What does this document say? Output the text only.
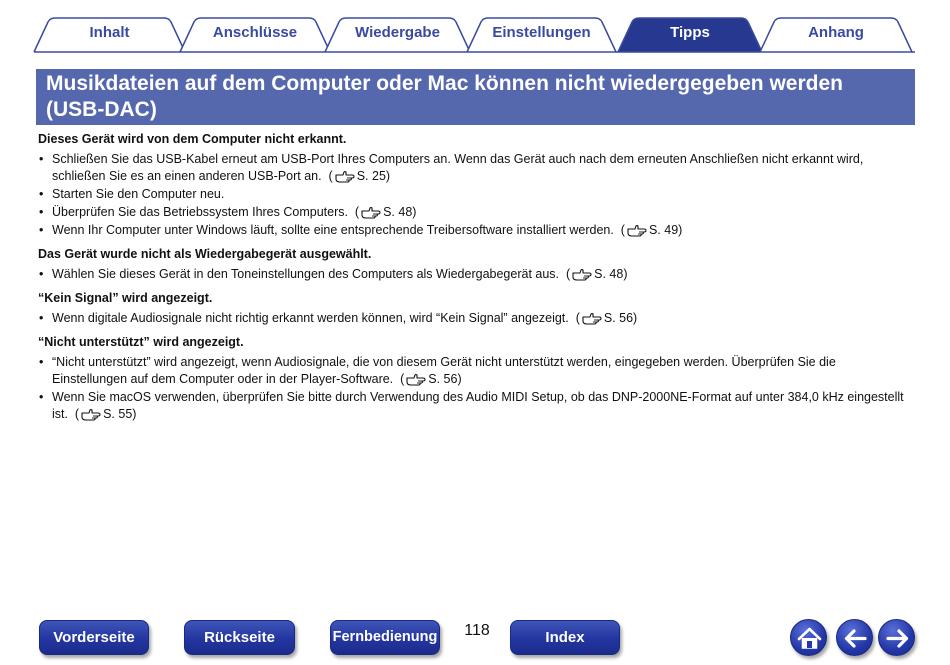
Inhalt	Anschlüsse	Wiedergabe	Einstellungen	Tipps	Anhang
Musikdateien auf dem Computer oder Mac können nicht wiedergegeben werden (USB-DAC)
Dieses Gerät wird von dem Computer nicht erkannt.
• Schließen Sie das USB-Kabel erneut am USB-Port Ihres Computers an. Wenn das Gerät auch nach dem erneuten Anschließen nicht erkannt wird, schließen Sie es an einen anderen USB-Port an.  ( S. 25)
• Starten Sie den Computer neu.
• Überprüfen Sie das Betriebssystem Ihres Computers.  ( S. 48)
• Wenn Ihr Computer unter Windows läuft, sollte eine entsprechende Treibersoftware installiert werden.  ( S. 49)
Das Gerät wurde nicht als Wiedergabegerät ausgewählt.
• Wählen Sie dieses Gerät in den Toneinstellungen des Computers als Wiedergabegerät aus.  ( S. 48)
“Kein Signal” wird angezeigt.
• Wenn digitale Audiosignale nicht richtig erkannt werden können, wird “Kein Signal” angezeigt.  ( S. 56)
“Nicht unterstützt” wird angezeigt.
• “Nicht unterstützt” wird angezeigt, wenn Audiosignale, die von diesem Gerät nicht unterstützt werden, eingegeben werden. Überprüfen Sie die Einstellungen auf dem Computer oder in der Player-Software.  ( S. 56)
• Wenn Sie macOS verwenden, überprüfen Sie bitte durch Verwendung des Audio MIDI Setup, ob das DNP-2000NE-Format auf unter 384,0 kHz eingestellt ist.  ( S. 55)
Vorderseite	Rückseite	Fernbedienung	118	Index
